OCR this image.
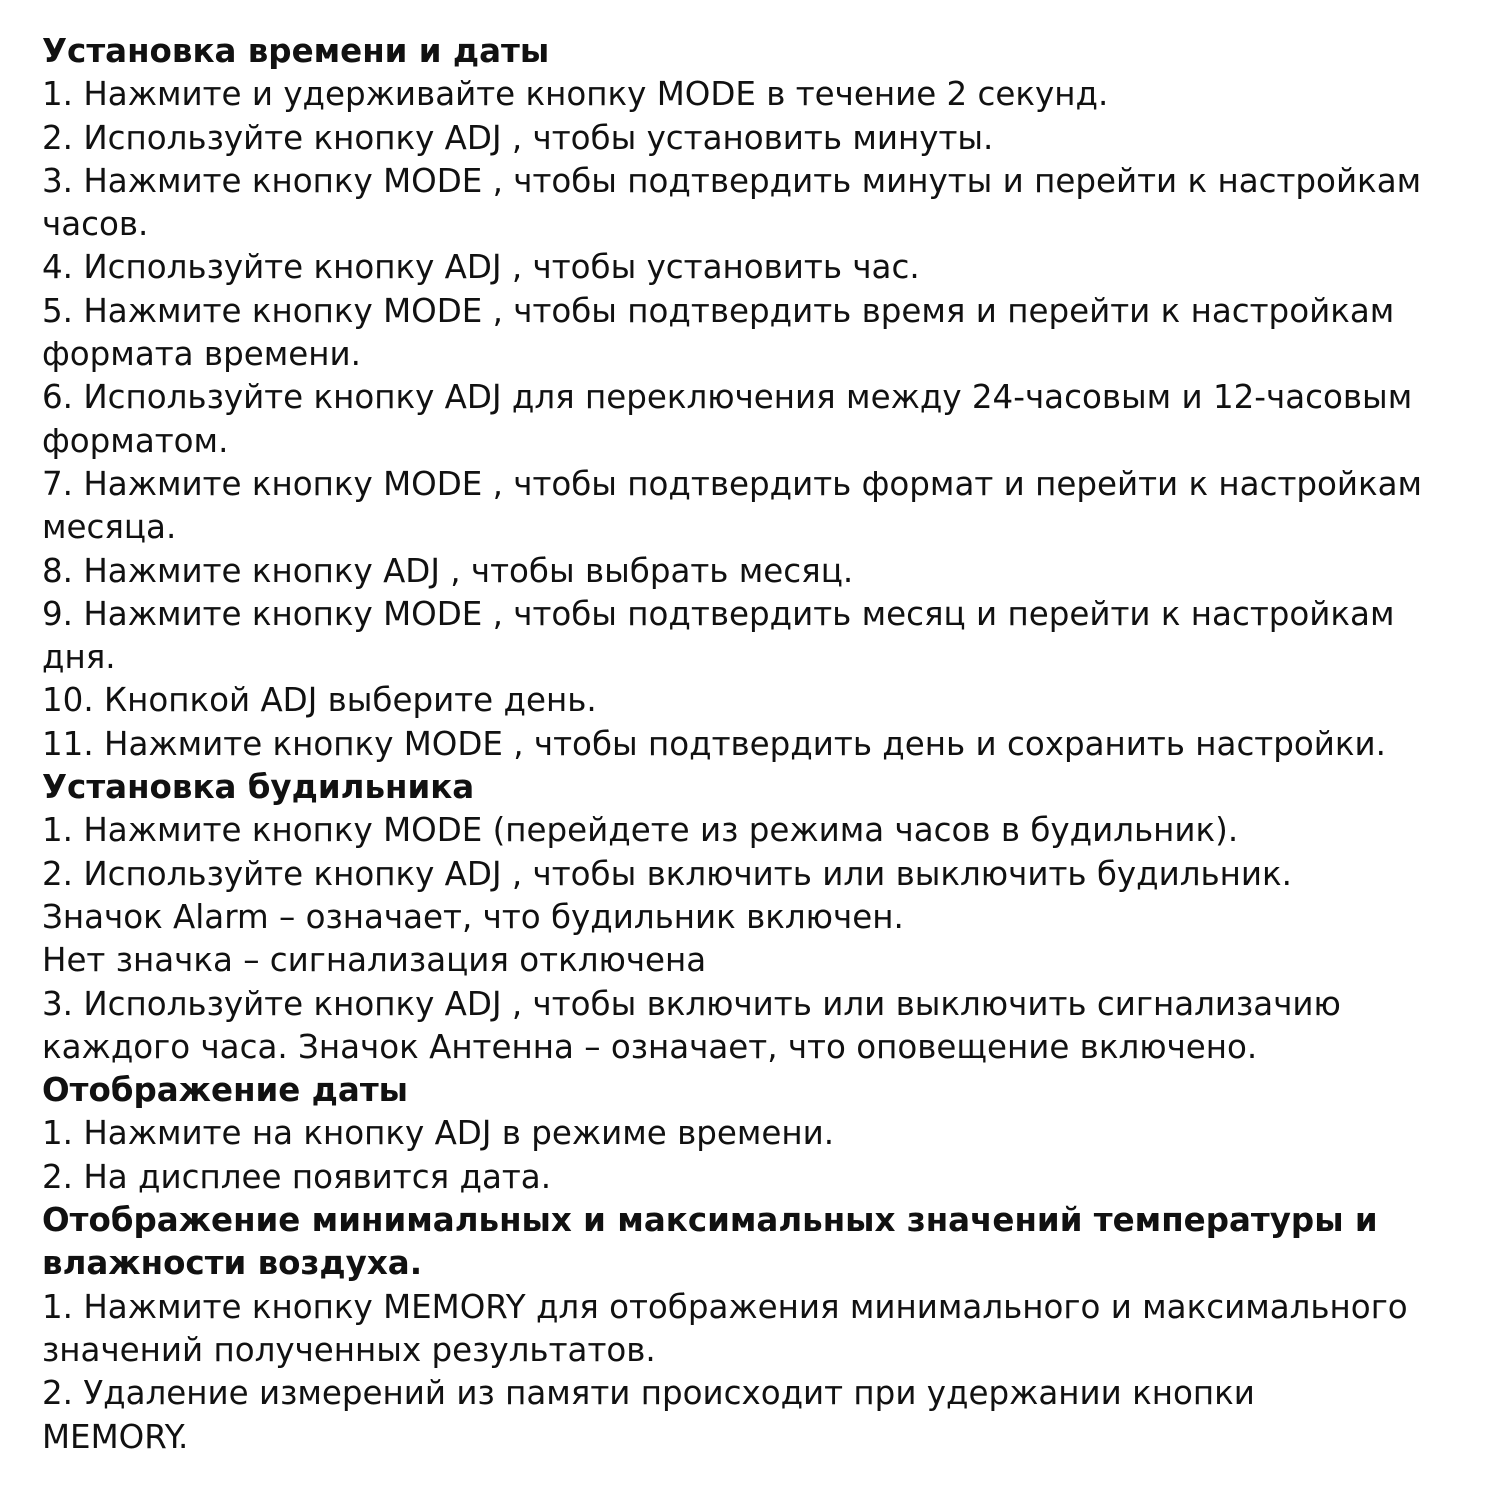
Установка времени и даты
1. Нажмите и удерживайте кнопку MODE в течение 2 секунд.
2. Используйте кнопку ADJ , чтобы установить минуты.
3. Нажмите кнопку MODE , чтобы подтвердить минуты и перейти к настройкам
часов.
4. Используйте кнопку ADJ , чтобы установить час.
5. Нажмите кнопку MODE , чтобы подтвердить время и перейти к настройкам
формата времени.
6. Используйте кнопку ADJ для переключения между 24-часовым и 12-часовым
форматом.
7. Нажмите кнопку MODE , чтобы подтвердить формат и перейти к настройкам
месяца.
8. Нажмите кнопку ADJ , чтобы выбрать месяц.
9. Нажмите кнопку MODE , чтобы подтвердить месяц и перейти к настройкам
дня.
10. Кнопкой ADJ выберите день.
11. Нажмите кнопку MODE , чтобы подтвердить день и сохранить настройки.
Установка будильника
1. Нажмите кнопку MODE (перейдете из режима часов в будильник).
2. Используйте кнопку ADJ , чтобы включить или выключить будильник.
Значок Alarm – означает, что будильник включен.
Нет значка – сигнализация отключена
3. Используйте кнопку ADJ , чтобы включить или выключить сигнализачию
каждого часа. Значок Антенна – означает, что оповещение включено.
Отображение даты
1. Нажмите на кнопку ADJ в режиме времени.
2. На дисплее появится дата.
Отображение минимальных и максимальных значений температуры и
влажности воздуха.
1. Нажмите кнопку MEMORY для отображения минимального и максимального
значений полученных результатов.
2. Удаление измерений из памяти происходит при удержании кнопки
MEMORY.
